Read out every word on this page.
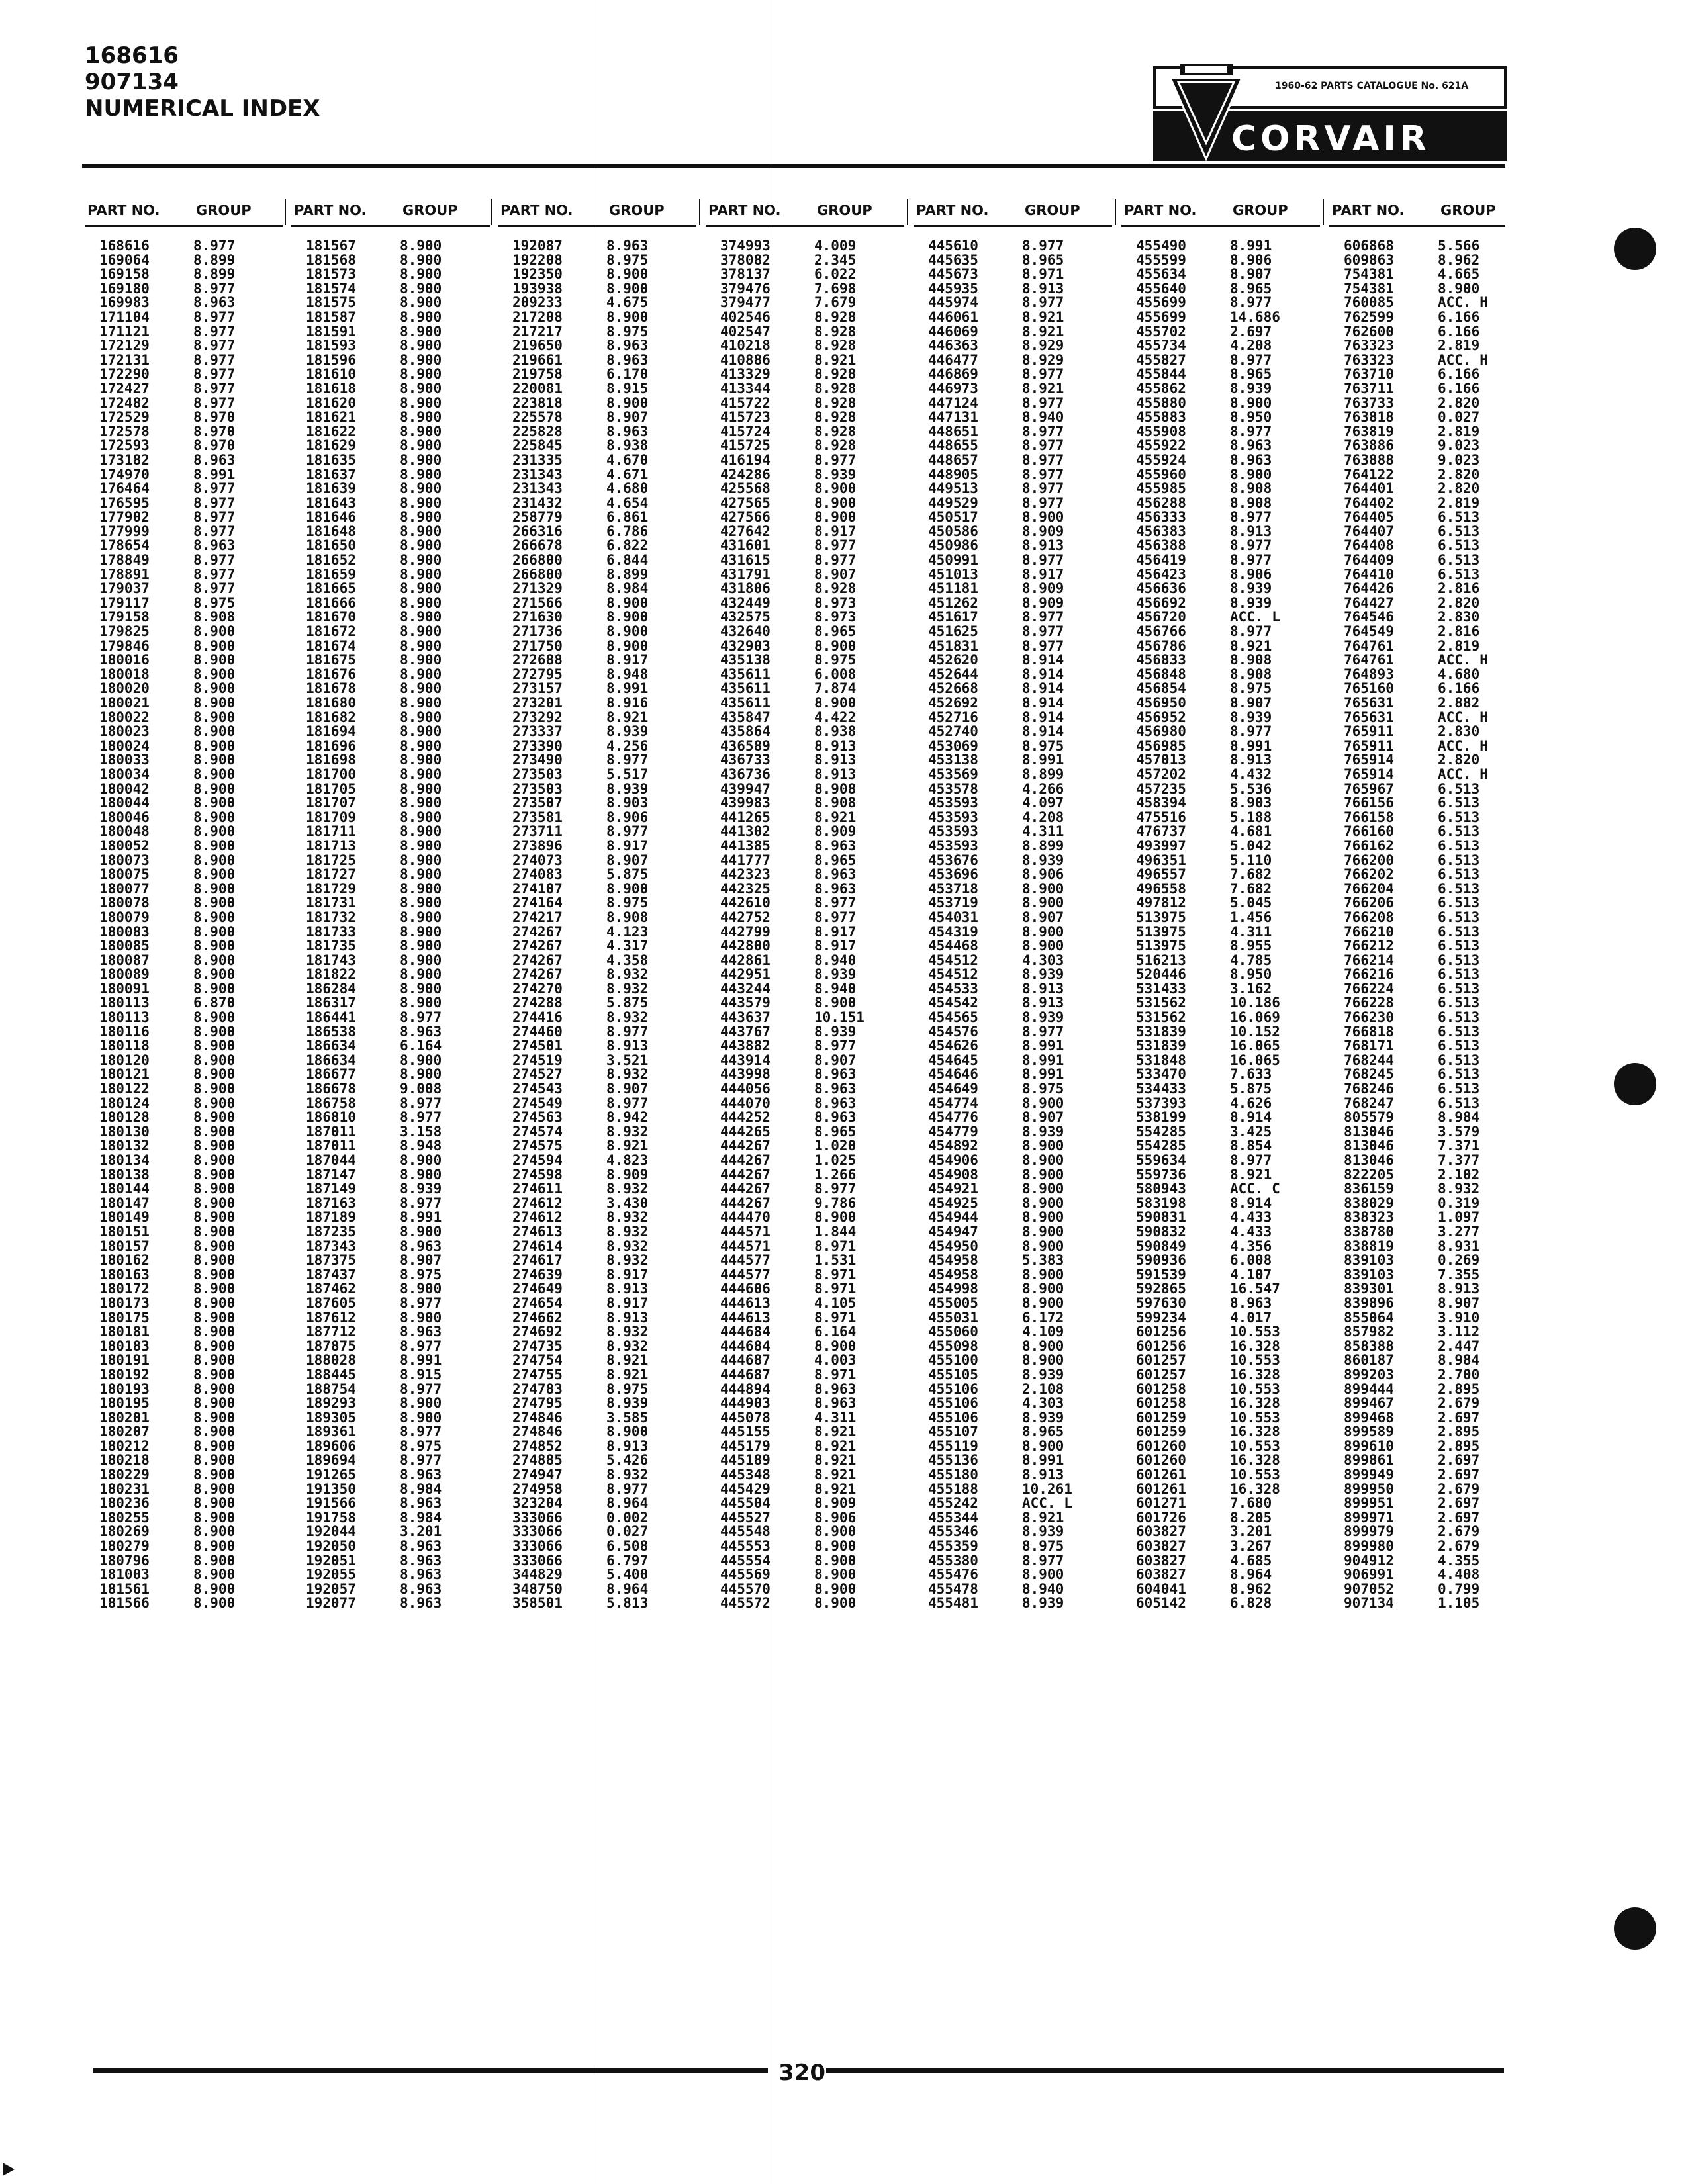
168616
907134
NUMERICAL INDEX
1960-62 PARTS CATALOGUE No. 621A
CORVAIR
PART NO.	GROUP
168616	8.977
169064	8.899
169158	8.899
169180	8.977
169983	8.963
171104	8.977
171121	8.977
172129	8.977
172131	8.977
172290	8.977
172427	8.977
172482	8.977
172529	8.970
172578	8.970
172593	8.970
173182	8.963
174970	8.991
176464	8.977
176595	8.977
177902	8.977
177999	8.977
178654	8.963
178849	8.977
178891	8.977
179037	8.977
179117	8.975
179158	8.908
179825	8.900
179846	8.900
180016	8.900
180018	8.900
180020	8.900
180021	8.900
180022	8.900
180023	8.900
180024	8.900
180033	8.900
180034	8.900
180042	8.900
180044	8.900
180046	8.900
180048	8.900
180052	8.900
180073	8.900
180075	8.900
180077	8.900
180078	8.900
180079	8.900
180083	8.900
180085	8.900
180087	8.900
180089	8.900
180091	8.900
180113	6.870
180113	8.900
180116	8.900
180118	8.900
180120	8.900
180121	8.900
180122	8.900
180124	8.900
180128	8.900
180130	8.900
180132	8.900
180134	8.900
180138	8.900
180144	8.900
180147	8.900
180149	8.900
180151	8.900
180157	8.900
180162	8.900
180163	8.900
180172	8.900
180173	8.900
180175	8.900
180181	8.900
180183	8.900
180191	8.900
180192	8.900
180193	8.900
180195	8.900
180201	8.900
180207	8.900
180212	8.900
180218	8.900
180229	8.900
180231	8.900
180236	8.900
180255	8.900
180269	8.900
180279	8.900
180796	8.900
181003	8.900
181561	8.900
181566	8.900
PART NO.	GROUP
181567	8.900
181568	8.900
181573	8.900
181574	8.900
181575	8.900
181587	8.900
181591	8.900
181593	8.900
181596	8.900
181610	8.900
181618	8.900
181620	8.900
181621	8.900
181622	8.900
181629	8.900
181635	8.900
181637	8.900
181639	8.900
181643	8.900
181646	8.900
181648	8.900
181650	8.900
181652	8.900
181659	8.900
181665	8.900
181666	8.900
181670	8.900
181672	8.900
181674	8.900
181675	8.900
181676	8.900
181678	8.900
181680	8.900
181682	8.900
181694	8.900
181696	8.900
181698	8.900
181700	8.900
181705	8.900
181707	8.900
181709	8.900
181711	8.900
181713	8.900
181725	8.900
181727	8.900
181729	8.900
181731	8.900
181732	8.900
181733	8.900
181735	8.900
181743	8.900
181822	8.900
186284	8.900
186317	8.900
186441	8.977
186538	8.963
186634	6.164
186634	8.900
186677	8.900
186678	9.008
186758	8.977
186810	8.977
187011	3.158
187011	8.948
187044	8.900
187147	8.900
187149	8.939
187163	8.977
187189	8.991
187235	8.900
187343	8.963
187375	8.907
187437	8.975
187462	8.900
187605	8.977
187612	8.900
187712	8.963
187875	8.977
188028	8.991
188445	8.915
188754	8.977
189293	8.900
189305	8.900
189361	8.977
189606	8.975
189694	8.977
191265	8.963
191350	8.984
191566	8.963
191758	8.984
192044	3.201
192050	8.963
192051	8.963
192055	8.963
192057	8.963
192077	8.963
PART NO.	GROUP
192087	8.963
192208	8.975
192350	8.900
193938	8.900
209233	4.675
217208	8.900
217217	8.975
219650	8.963
219661	8.963
219758	6.170
220081	8.915
223818	8.900
225578	8.907
225828	8.963
225845	8.938
231335	4.670
231343	4.671
231343	4.680
231432	4.654
258779	6.861
266316	6.786
266678	6.822
266800	6.844
266800	8.899
271329	8.984
271566	8.900
271630	8.900
271736	8.900
271750	8.900
272688	8.917
272795	8.948
273157	8.991
273201	8.916
273292	8.921
273337	8.939
273390	4.256
273490	8.977
273503	5.517
273503	8.939
273507	8.903
273581	8.906
273711	8.977
273896	8.917
274073	8.907
274083	5.875
274107	8.900
274164	8.975
274217	8.908
274267	4.123
274267	4.317
274267	4.358
274267	8.932
274270	8.932
274288	5.875
274416	8.932
274460	8.977
274501	8.913
274519	3.521
274527	8.932
274543	8.907
274549	8.977
274563	8.942
274574	8.932
274575	8.921
274594	4.823
274598	8.909
274611	8.932
274612	3.430
274612	8.932
274613	8.932
274614	8.932
274617	8.932
274639	8.917
274649	8.913
274654	8.917
274662	8.913
274692	8.932
274735	8.932
274754	8.921
274755	8.921
274783	8.975
274795	8.939
274846	3.585
274846	8.900
274852	8.913
274885	5.426
274947	8.932
274958	8.977
323204	8.964
333066	0.002
333066	0.027
333066	6.508
333066	6.797
344829	5.400
348750	8.964
358501	5.813
PART NO.	GROUP
374993	4.009
378082	2.345
378137	6.022
379476	7.698
379477	7.679
402546	8.928
402547	8.928
410218	8.928
410886	8.921
413329	8.928
413344	8.928
415722	8.928
415723	8.928
415724	8.928
415725	8.928
416194	8.977
424286	8.939
425568	8.900
427565	8.900
427566	8.900
427642	8.917
431601	8.977
431615	8.977
431791	8.907
431806	8.928
432449	8.973
432575	8.973
432640	8.965
432903	8.900
435138	8.975
435611	6.008
435611	7.874
435611	8.900
435847	4.422
435864	8.938
436589	8.913
436733	8.913
436736	8.913
439947	8.908
439983	8.908
441265	8.921
441302	8.909
441385	8.963
441777	8.965
442323	8.963
442325	8.963
442610	8.977
442752	8.977
442799	8.917
442800	8.917
442861	8.940
442951	8.939
443244	8.940
443579	8.900
443637	10.151
443767	8.939
443882	8.977
443914	8.907
443998	8.963
444056	8.963
444070	8.963
444252	8.963
444265	8.965
444267	1.020
444267	1.025
444267	1.266
444267	8.977
444267	9.786
444470	8.900
444571	1.844
444571	8.971
444577	1.531
444577	8.971
444606	8.971
444613	4.105
444613	8.971
444684	6.164
444684	8.900
444687	4.003
444687	8.971
444894	8.963
444903	8.963
445078	4.311
445155	8.921
445179	8.921
445189	8.921
445348	8.921
445429	8.921
445504	8.909
445527	8.906
445548	8.900
445553	8.900
445554	8.900
445569	8.900
445570	8.900
445572	8.900
PART NO.	GROUP
445610	8.977
445635	8.965
445673	8.971
445935	8.913
445974	8.977
446061	8.921
446069	8.921
446363	8.929
446477	8.929
446869	8.977
446973	8.921
447124	8.977
447131	8.940
448651	8.977
448655	8.977
448657	8.977
448905	8.977
449513	8.977
449529	8.977
450517	8.900
450586	8.909
450986	8.913
450991	8.977
451013	8.917
451181	8.909
451262	8.909
451617	8.977
451625	8.977
451831	8.977
452620	8.914
452644	8.914
452668	8.914
452692	8.914
452716	8.914
452740	8.914
453069	8.975
453138	8.991
453569	8.899
453578	4.266
453593	4.097
453593	4.208
453593	4.311
453593	8.899
453676	8.939
453696	8.906
453718	8.900
453719	8.900
454031	8.907
454319	8.900
454468	8.900
454512	4.303
454512	8.939
454533	8.913
454542	8.913
454565	8.939
454576	8.977
454626	8.991
454645	8.991
454646	8.991
454649	8.975
454774	8.900
454776	8.907
454779	8.939
454892	8.900
454906	8.900
454908	8.900
454921	8.900
454925	8.900
454944	8.900
454947	8.900
454950	8.900
454958	5.383
454958	8.900
454998	8.900
455005	8.900
455031	6.172
455060	4.109
455098	8.900
455100	8.900
455105	8.939
455106	2.108
455106	4.303
455106	8.939
455107	8.965
455119	8.900
455136	8.991
455180	8.913
455188	10.261
455242	ACC. L
455344	8.921
455346	8.939
455359	8.975
455380	8.977
455476	8.900
455478	8.940
455481	8.939
PART NO.	GROUP
455490	8.991
455599	8.906
455634	8.907
455640	8.965
455699	8.977
455699	14.686
455702	2.697
455734	4.208
455827	8.977
455844	8.965
455862	8.939
455880	8.900
455883	8.950
455908	8.977
455922	8.963
455924	8.963
455960	8.900
455985	8.908
456288	8.908
456333	8.977
456383	8.913
456388	8.977
456419	8.977
456423	8.906
456636	8.939
456692	8.939
456720	ACC. L
456766	8.977
456786	8.921
456833	8.908
456848	8.908
456854	8.975
456950	8.907
456952	8.939
456980	8.977
456985	8.991
457013	8.913
457202	4.432
457235	5.536
458394	8.903
475516	5.188
476737	4.681
493997	5.042
496351	5.110
496557	7.682
496558	7.682
497812	5.045
513975	1.456
513975	4.311
513975	8.955
516213	4.785
520446	8.950
531433	3.162
531562	10.186
531562	16.069
531839	10.152
531839	16.065
531848	16.065
533470	7.633
534433	5.875
537393	4.626
538199	8.914
554285	3.425
554285	8.854
559634	8.977
559736	8.921
580943	ACC. C
583198	8.914
590831	4.433
590832	4.433
590849	4.356
590936	6.008
591539	4.107
592865	16.547
597630	8.963
599234	4.017
601256	10.553
601256	16.328
601257	10.553
601257	16.328
601258	10.553
601258	16.328
601259	10.553
601259	16.328
601260	10.553
601260	16.328
601261	10.553
601261	16.328
601271	7.680
601726	8.205
603827	3.201
603827	3.267
603827	4.685
603827	8.964
604041	8.962
605142	6.828
PART NO.	GROUP
606868	5.566
609863	8.962
754381	4.665
754381	8.900
760085	ACC. H
762599	6.166
762600	6.166
763323	2.819
763323	ACC. H
763710	6.166
763711	6.166
763733	2.820
763818	0.027
763819	2.819
763886	9.023
763888	9.023
764122	2.820
764401	2.820
764402	2.819
764405	6.513
764407	6.513
764408	6.513
764409	6.513
764410	6.513
764426	2.816
764427	2.820
764546	2.830
764549	2.816
764761	2.819
764761	ACC. H
764893	4.680
765160	6.166
765631	2.882
765631	ACC. H
765911	2.830
765911	ACC. H
765914	2.820
765914	ACC. H
765967	6.513
766156	6.513
766158	6.513
766160	6.513
766162	6.513
766200	6.513
766202	6.513
766204	6.513
766206	6.513
766208	6.513
766210	6.513
766212	6.513
766214	6.513
766216	6.513
766224	6.513
766228	6.513
766230	6.513
766818	6.513
768171	6.513
768244	6.513
768245	6.513
768246	6.513
768247	6.513
805579	8.984
813046	3.579
813046	7.371
813046	7.377
822205	2.102
836159	8.932
838029	0.319
838323	1.097
838780	3.277
838819	8.931
839103	0.269
839103	7.355
839301	8.913
839896	8.907
855064	3.910
857982	3.112
858388	2.447
860187	8.984
899203	2.700
899444	2.895
899467	2.679
899468	2.697
899589	2.895
899610	2.895
899861	2.697
899949	2.697
899950	2.679
899951	2.697
899971	2.697
899979	2.679
899980	2.679
904912	4.355
906991	4.408
907052	0.799
907134	1.105
320
